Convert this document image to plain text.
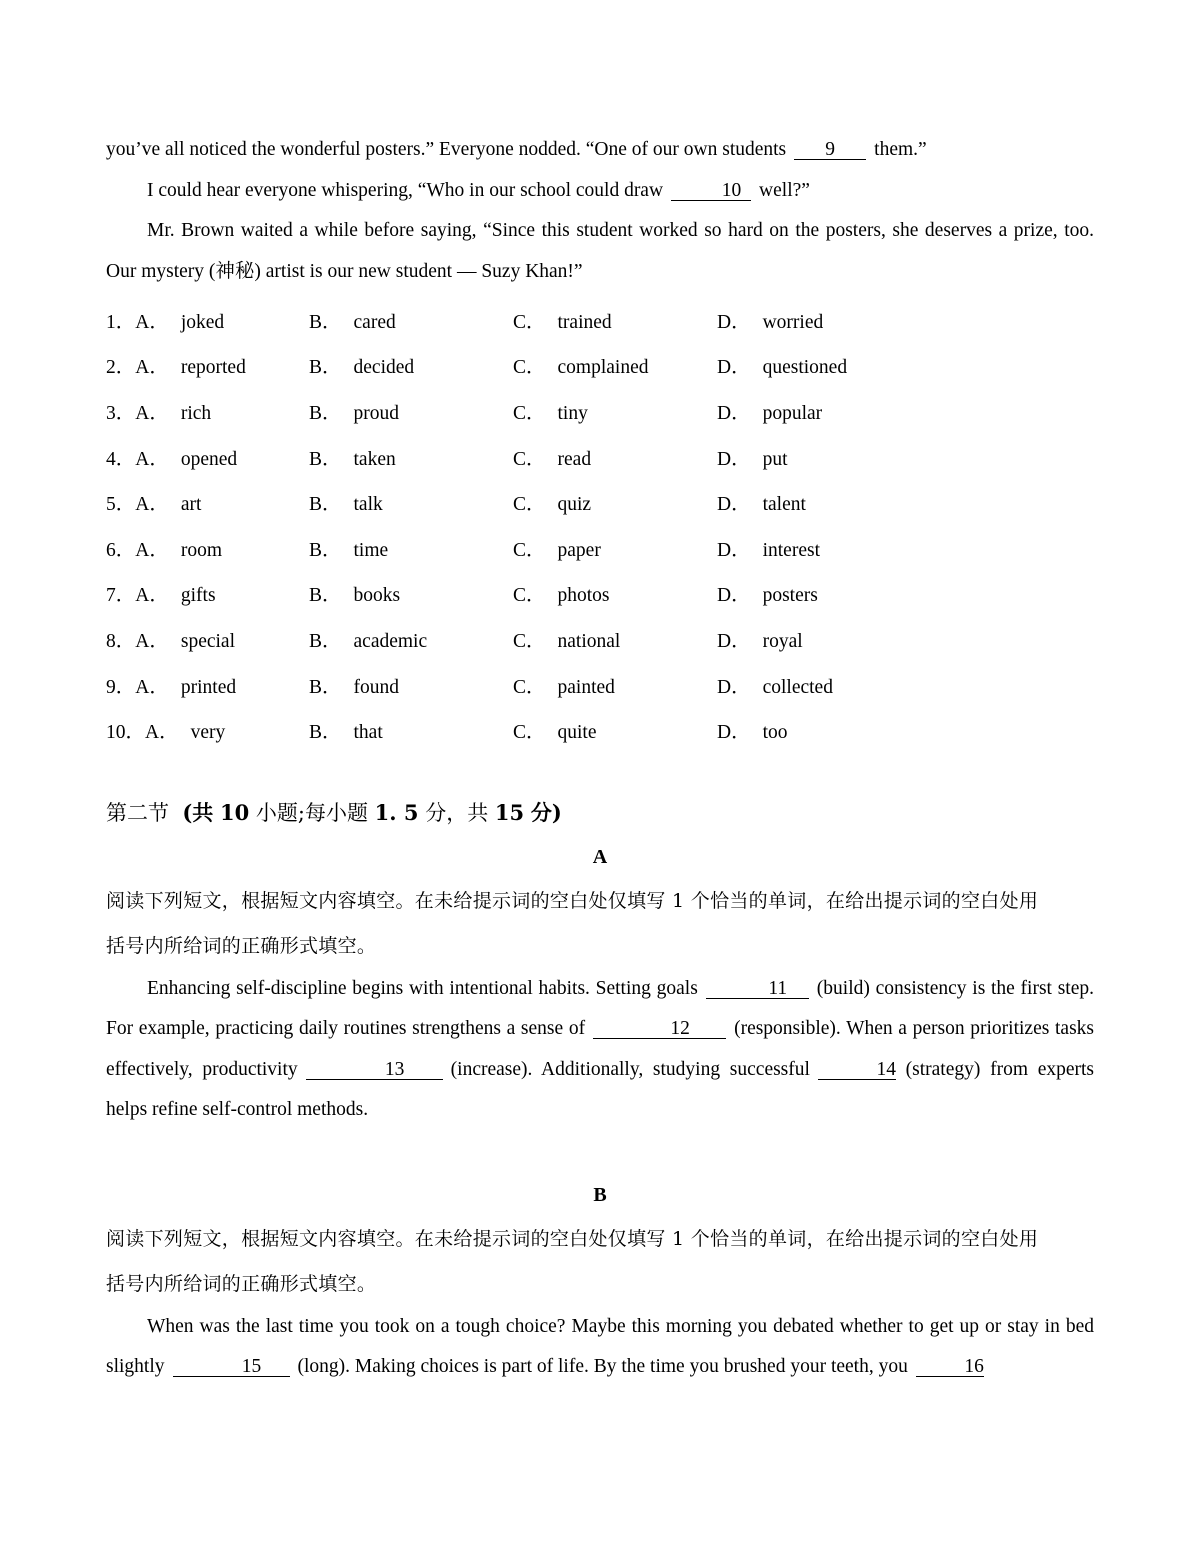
you’ve all noticed the wonderful posters.” Everyone nodded. “One of our own students 9 them.”

I could hear everyone whispering, “Who in our school could draw	10 well?”

Mr. Brown waited a while before saying, “Since this student worked so hard on the posters, she deserves a prize, too. Our mystery (神秘) artist is our new student — Suzy Khan!”

1．A． joked	B． cared	C． trained	D． worried
2．A． reported	B． decided	C． complained	D． questioned
3．A． rich	B． proud	C． tiny	D． popular
4．A． opened	B． taken	C． read	D． put
5．A． art	B． talk	C． quiz	D． talent
6．A． room	B． time	C． paper	D． interest
7．A． gifts	B． books	C． photos	D． posters
8．A． special	B． academic	C． national	D． royal
9．A． printed	B． found	C． painted	D． collected
10．A． very	B． that	C． quite	D． too
第二节 (共 10 小题;每小题 1. 5 分，共 15 分)
A

阅读下列短文，根据短文内容填空。在未给提示词的空白处仅填写 1 个恰当的单词，在给出提示词的空白处用
括号内所给词的正确形式填空。

Enhancing self-discipline begins with intentional habits. Setting goals	11 (build) consistency is the first step. For example, practicing daily routines strengthens a sense of	12 (responsible). When a person prioritizes tasks effectively, productivity	13 (increase). Additionally, studying successful	14 (strategy) from experts helps refine self-control methods.

B

阅读下列短文，根据短文内容填空。在未给提示词的空白处仅填写 1 个恰当的单词，在给出提示词的空白处用
括号内所给词的正确形式填空。

When was the last time you took on a tough choice? Maybe this morning you debated whether to get up or stay in bed slightly	15 (long). Making choices is part of life. By the time you brushed your teeth, you	16
